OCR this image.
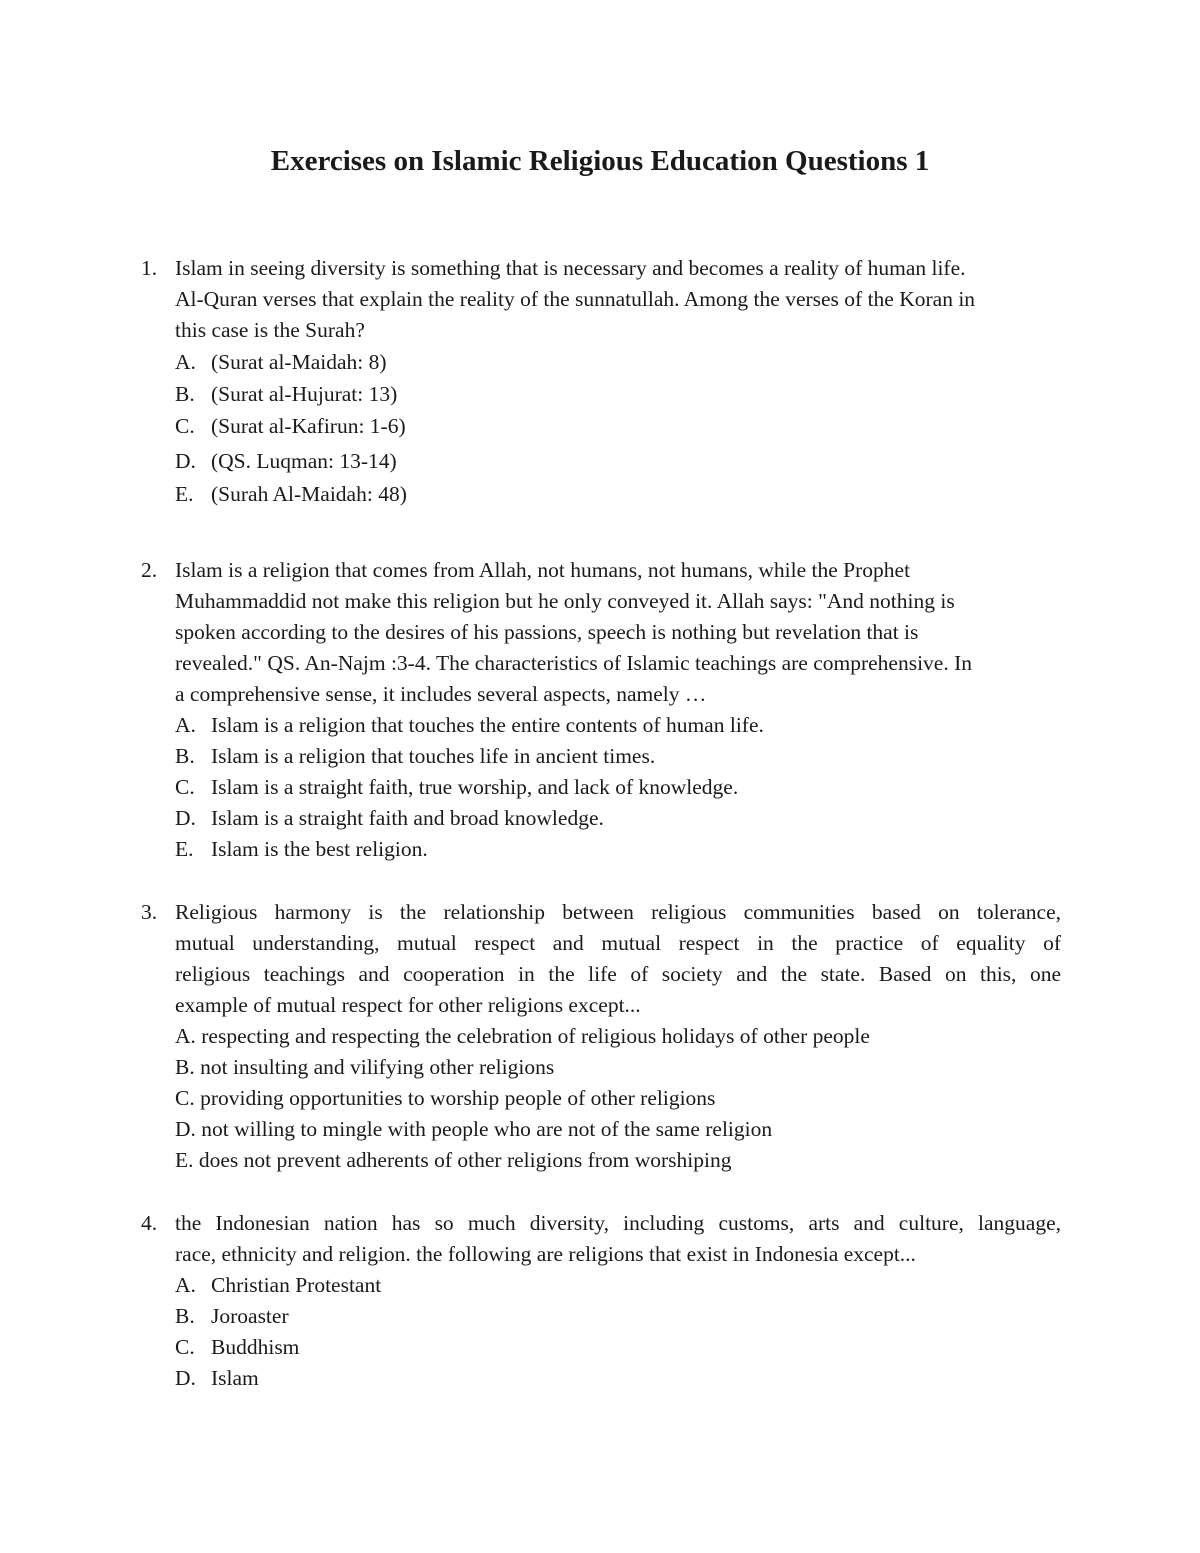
Exercises on Islamic Religious Education Questions 1
1. Islam in seeing diversity is something that is necessary and becomes a reality of human life.

Al-Quran verses that explain the reality of the sunnatullah. Among the verses of the Koran in

this case is the Surah?

A. (Surat al-Maidah: 8)

B. (Surat al-Hujurat: 13)

C. (Surat al-Kafirun: 1-6)

D. (QS. Luqman: 13-14)

E. (Surah Al-Maidah: 48)

2. Islam is a religion that comes from Allah, not humans, not humans, while the Prophet

Muhammaddid not make this religion but he only conveyed it. Allah says: "And nothing is

spoken according to the desires of his passions, speech is nothing but revelation that is

revealed." QS. An-Najm :3-4. The characteristics of Islamic teachings are comprehensive. In

a comprehensive sense, it includes several aspects, namely …

A. Islam is a religion that touches the entire contents of human life.

B. Islam is a religion that touches life in ancient times.

C. Islam is a straight faith, true worship, and lack of knowledge.

D. Islam is a straight faith and broad knowledge.

E. Islam is the best religion.

3. Religious harmony is the relationship between religious communities based on tolerance,

mutual understanding, mutual respect and mutual respect in the practice of equality of

religious teachings and cooperation in the life of society and the state. Based on this, one

example of mutual respect for other religions except...

A. respecting and respecting the celebration of religious holidays of other people

B. not insulting and vilifying other religions

C. providing opportunities to worship people of other religions

D. not willing to mingle with people who are not of the same religion

E. does not prevent adherents of other religions from worshiping

4. the Indonesian nation has so much diversity, including customs, arts and culture, language,

race, ethnicity and religion. the following are religions that exist in Indonesia except...

A. Christian Protestant

B. Joroaster

C. Buddhism

D. Islam
